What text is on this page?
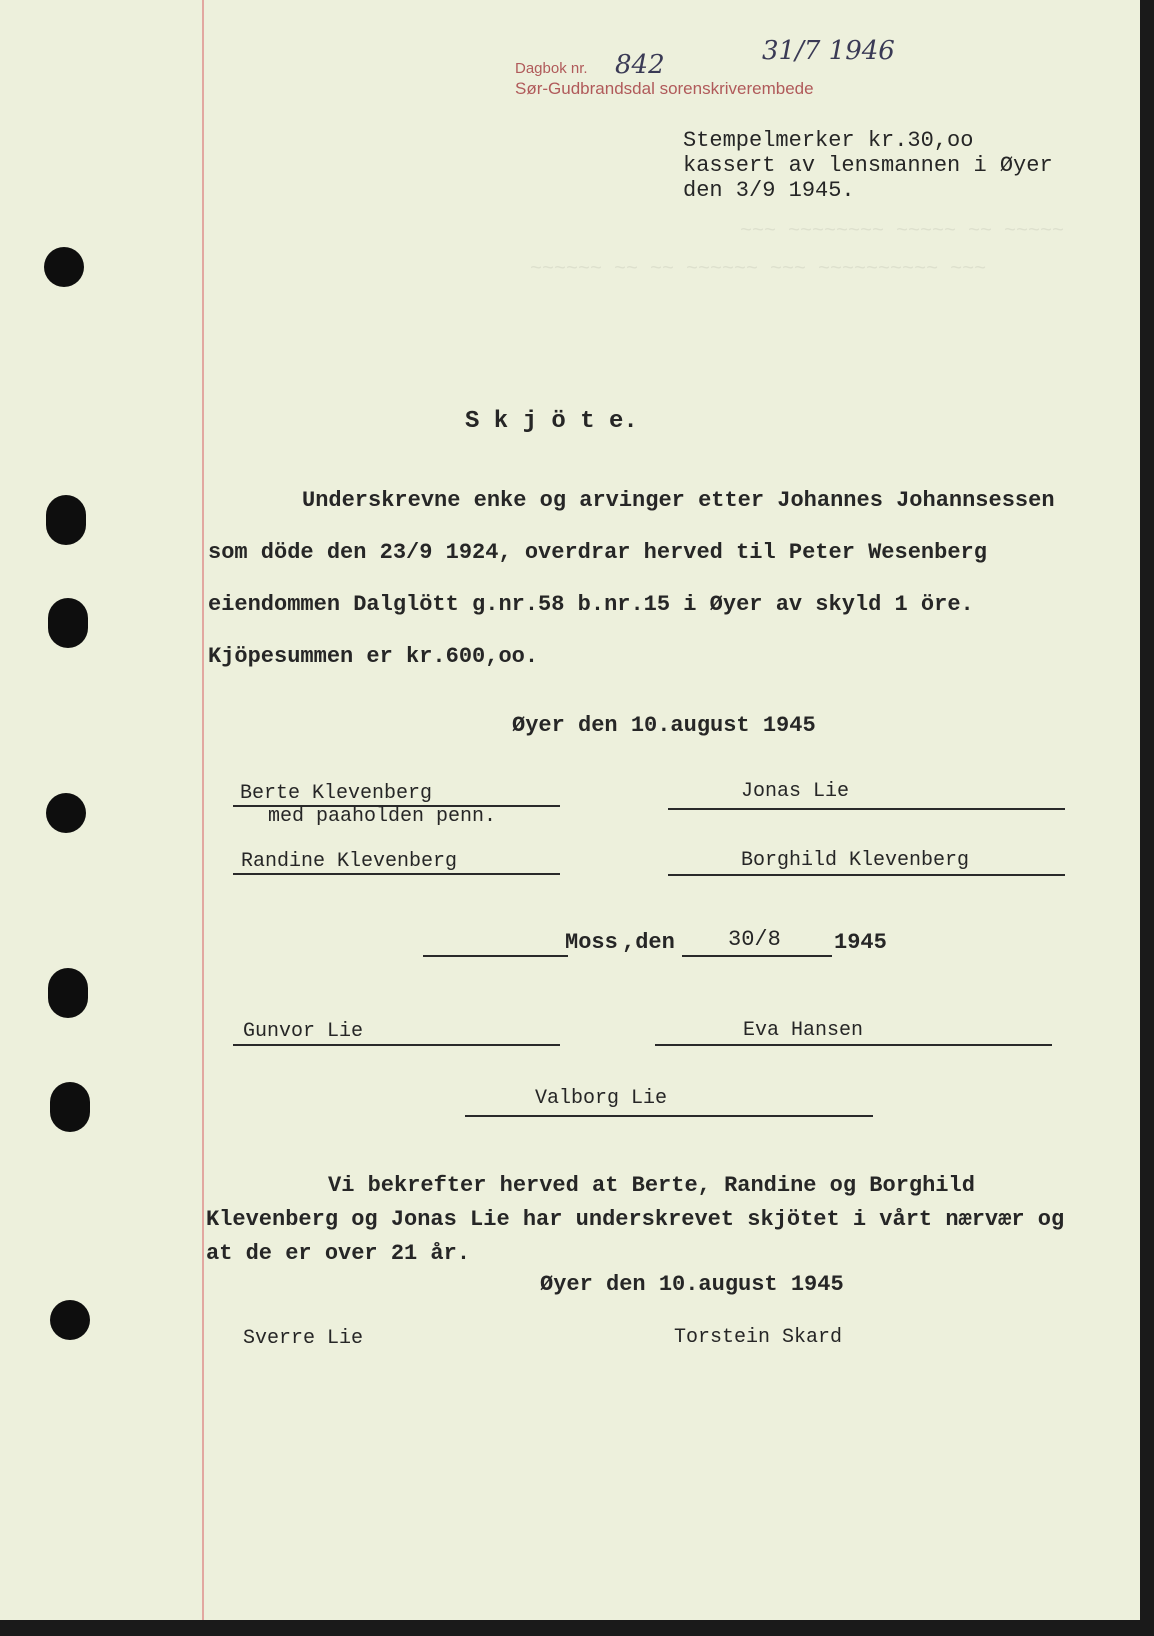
~~~ ~~~~~~~~ ~~~~~ ~~ ~~~~~
~~~~~~ ~~ ~~ ~~~~~~ ~~~ ~~~~~~~~~~ ~~~
Dagbok nr.
Sør-Gudbrandsdal sorenskriverembede
842	31/7 1946
Stempelmerker kr.30,oo
kassert av lensmannen i Øyer
den 3/9 1945.
S k j ö t e.
Underskrevne enke og arvinger etter Johannes Johannsessen
som döde den 23/9 1924, overdrar herved til Peter Wesenberg
eiendommen Dalglött g.nr.58 b.nr.15 i Øyer av skyld 1 öre.
Kjöpesummen er kr.600,oo.
Øyer den 10.august 1945
Berte Klevenberg
med paaholden penn.
Jonas Lie
Randine Klevenberg	Borghild Klevenberg
Moss ,den 30/8 1945
Gunvor Lie	Eva Hansen
Valborg Lie
Vi bekrefter herved at Berte, Randine og Borghild
Klevenberg og Jonas Lie har underskrevet skjötet i vårt nærvær og
at de er over 21 år.
Øyer den 10.august 1945
Sverre Lie	Torstein Skard
